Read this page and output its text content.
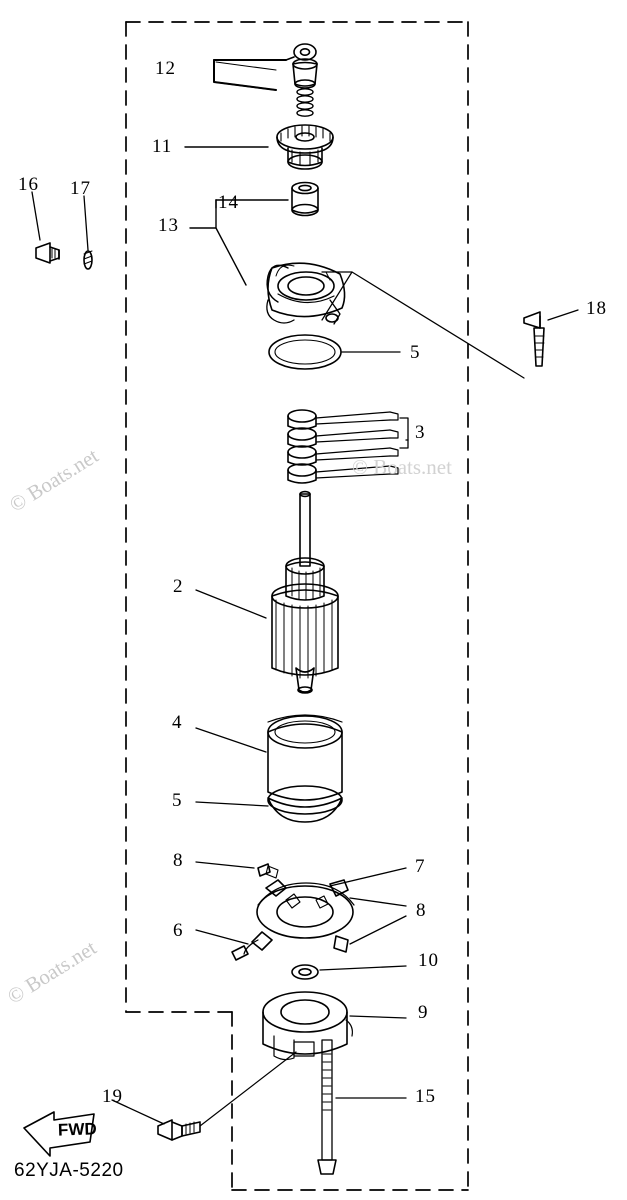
12
11
16 17
14
13
18
5
3
2
4
5
8	7
8
6
10
9
19	15
FWD
62YJA-5220
© Boats.net	© Boats.net
© Boats.net
